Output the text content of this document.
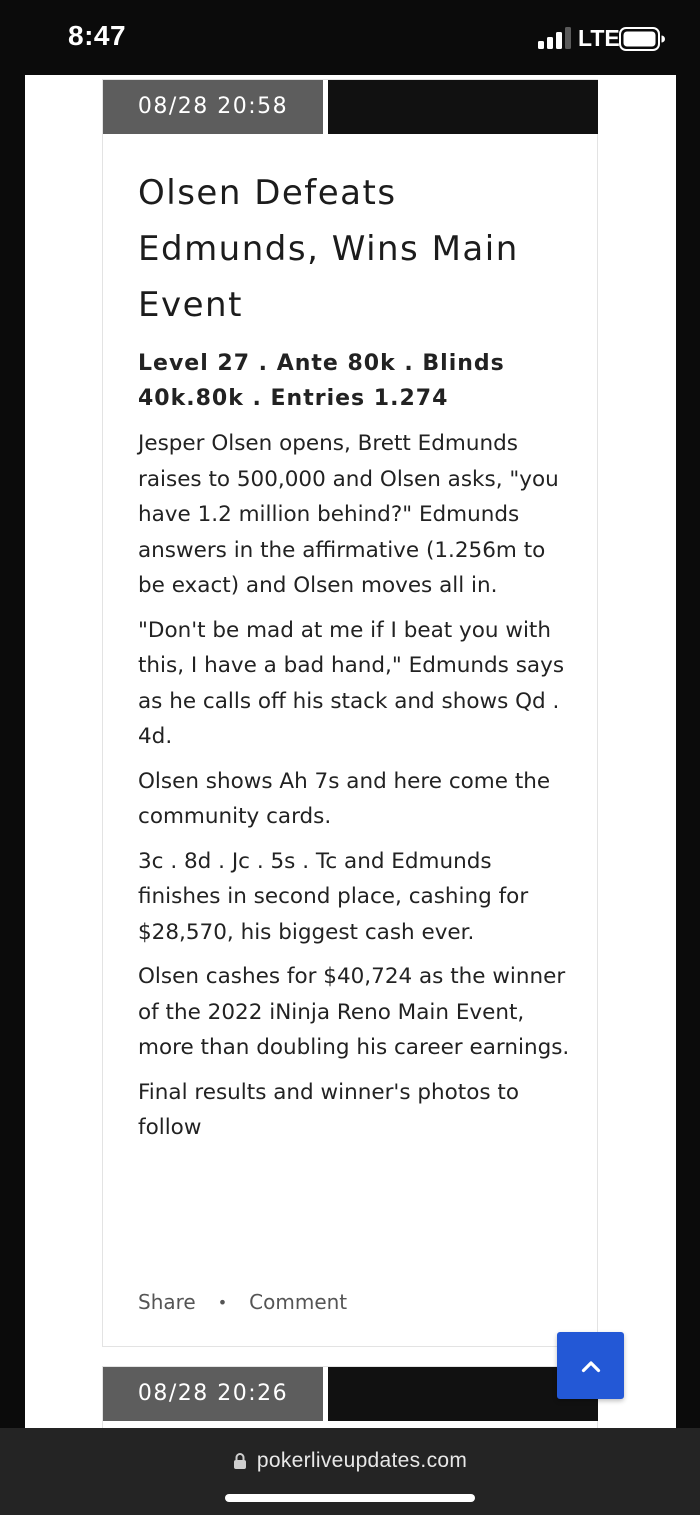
8:47	LTE
08/28 20:58
Olsen Defeats Edmunds, Wins Main Event
Level 27 . Ante 80k . Blinds 40k.80k . Entries 1.274

Jesper Olsen opens, Brett Edmunds raises to 500,000 and Olsen asks, "you have 1.2 million behind?" Edmunds answers in the affirmative (1.256m to be exact) and Olsen moves all in.

"Don't be mad at me if I beat you with this, I have a bad hand," Edmunds says as he calls off his stack and shows Qd . 4d.

Olsen shows Ah 7s and here come the community cards.

3c . 8d . Jc . 5s . Tc and Edmunds finishes in second place, cashing for $28,570, his biggest cash ever.

Olsen cashes for $40,724 as the winner of the 2022 iNinja Reno Main Event, more than doubling his career earnings.

Final results and winner's photos to follow

Share • Comment
08/28 20:26
pokerliveupdates.com
